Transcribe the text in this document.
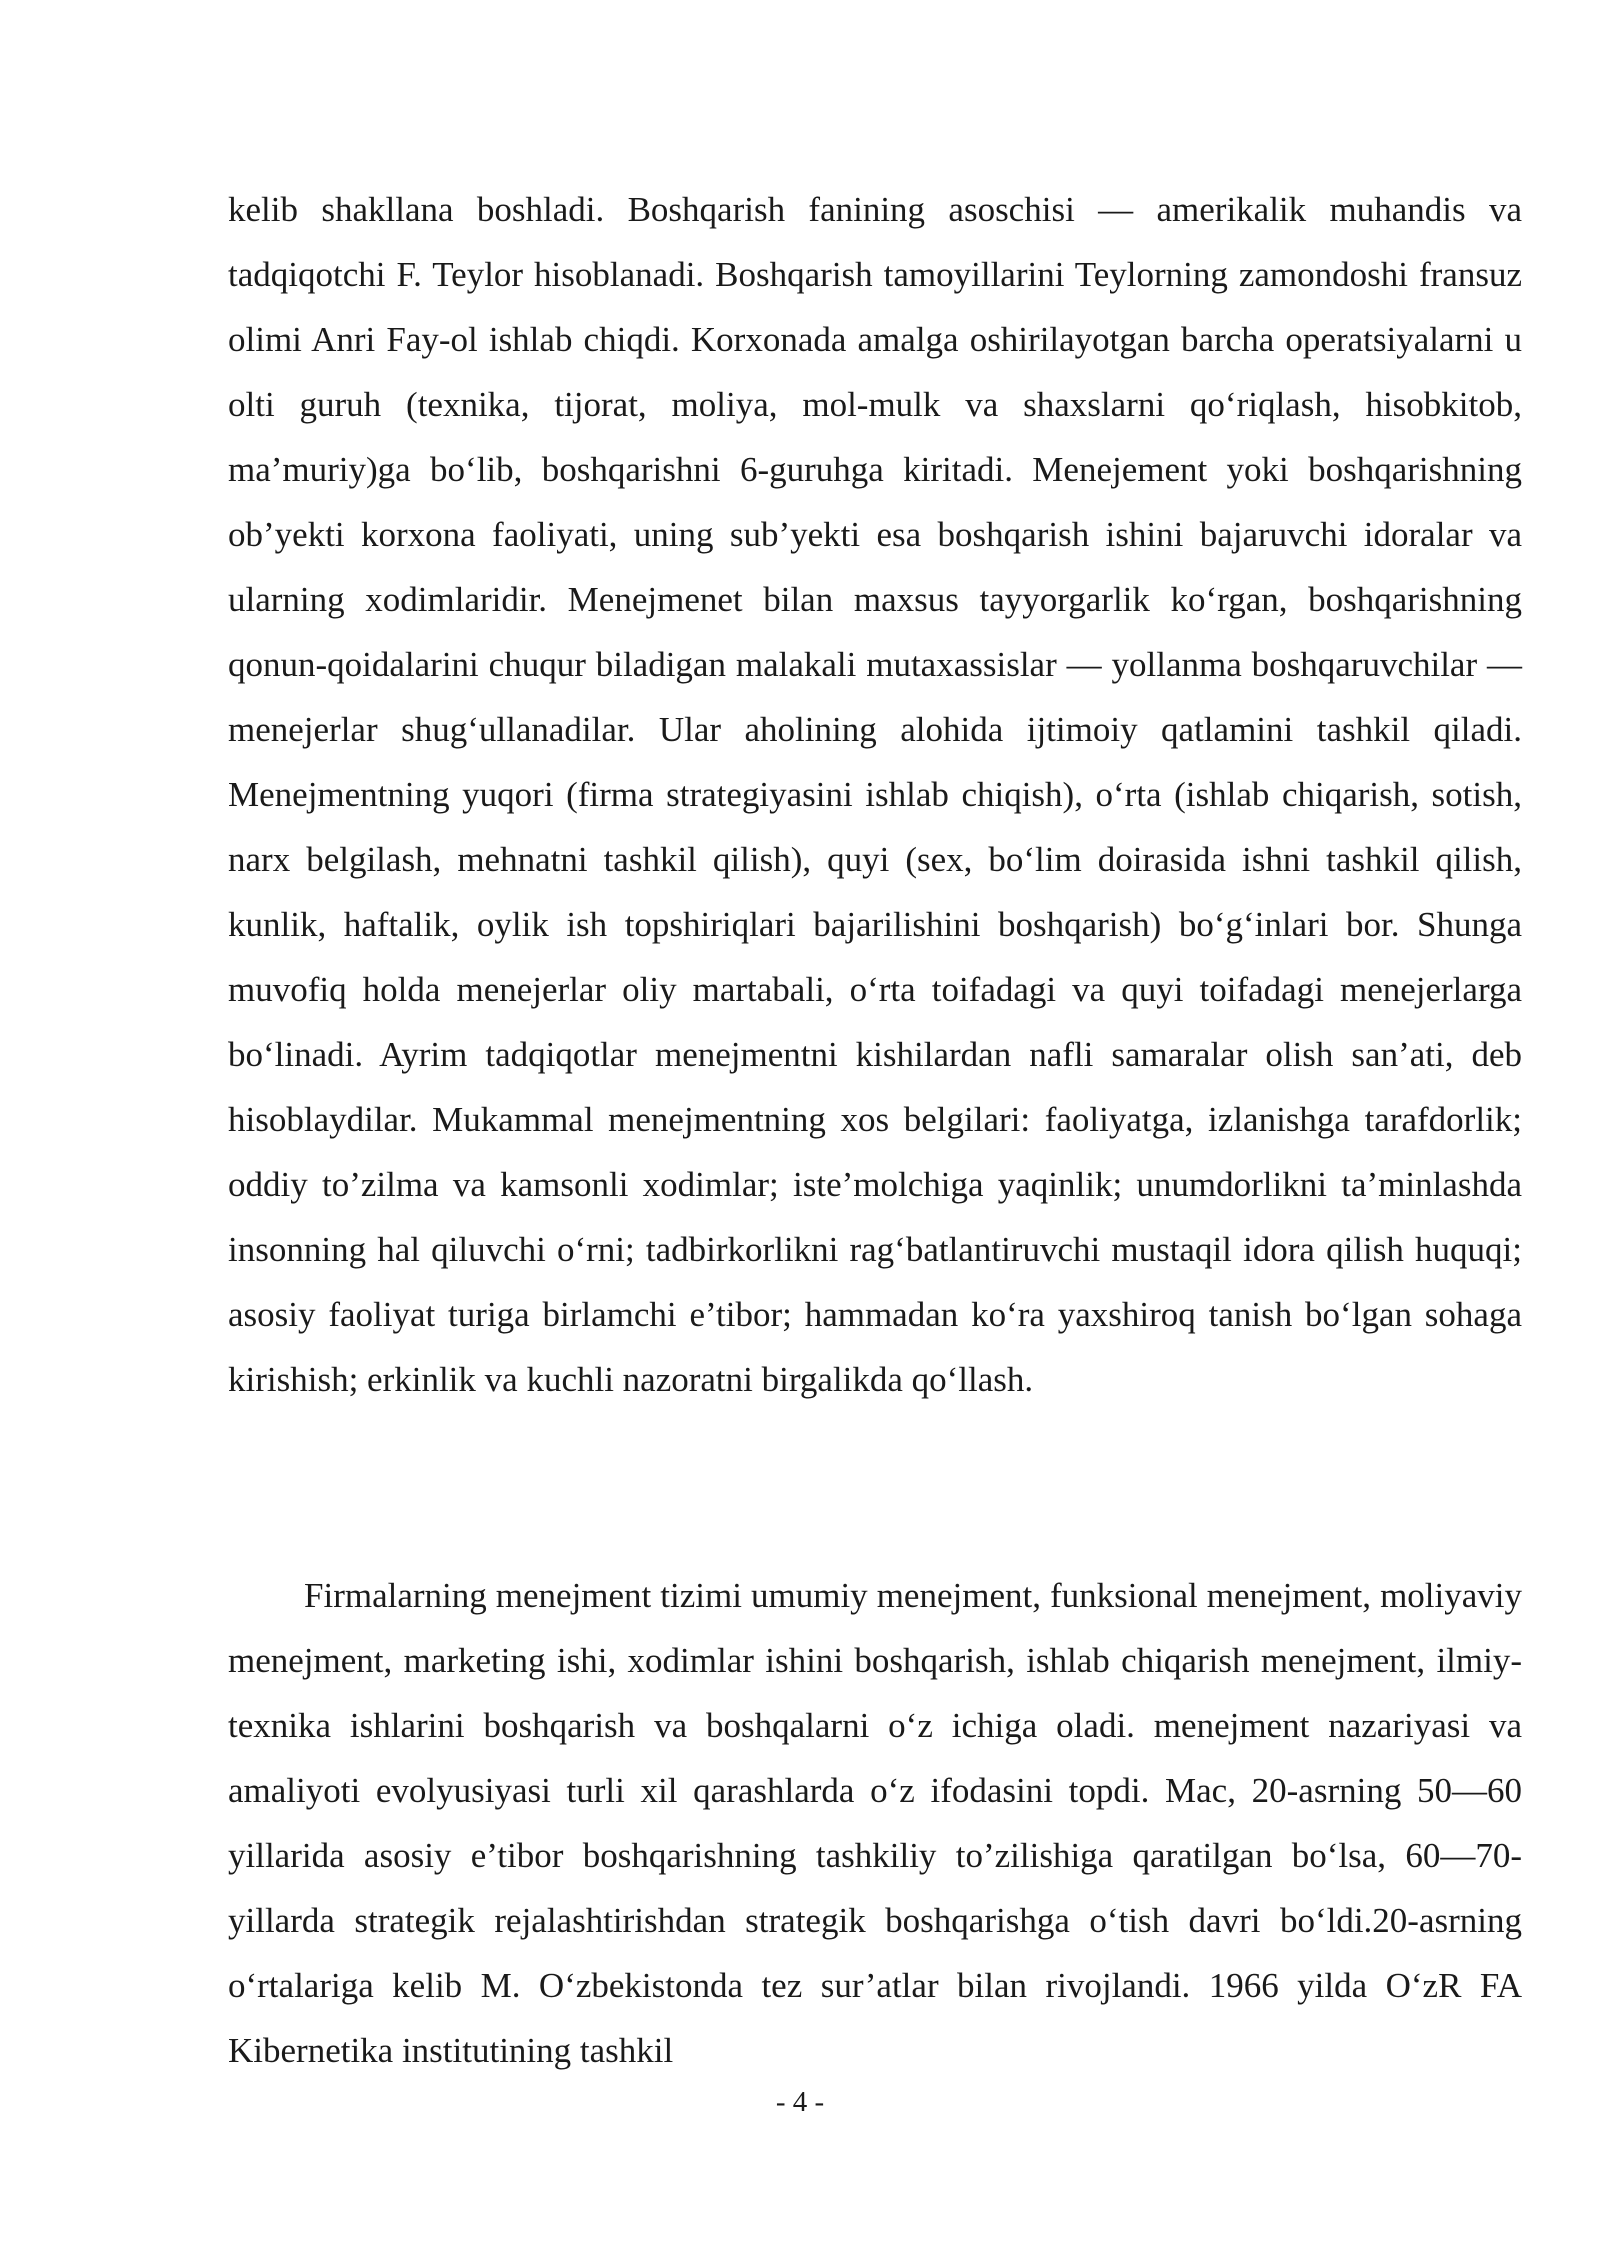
kelib shakllana boshladi. Boshqarish fanining asoschisi — amerikalik muhandis va tadqiqotchi F. Teylor hisoblanadi. Boshqarish tamoyillarini Teylorning zamondoshi fransuz olimi Anri Fay-ol ishlab chiqdi. Korxonada amalga oshirilayotgan barcha operatsiyalarni u olti guruh (texnika, tijorat, moliya, mol-mulk va shaxslarni qo‘riqlash, hisobkitob, ma’muriy)ga bo‘lib, boshqarishni 6-guruhga kiritadi. Menejement yoki boshqarishning ob’yekti korxona faoliyati, uning sub’yekti esa boshqarish ishini bajaruvchi idoralar va ularning xodimlaridir. Menejmenet bilan maxsus tayyorgarlik ko‘rgan, boshqarishning qonun-qoidalarini chuqur biladigan malakali mutaxassislar — yollanma boshqaruvchilar — menejerlar shug‘ullanadilar. Ular aholining alohida ijtimoiy qatlamini tashkil qiladi. Menejmentning yuqori (firma strategiyasini ishlab chiqish), o‘rta (ishlab chiqarish, sotish, narx belgilash, mehnatni tashkil qilish), quyi (sex, bo‘lim doirasida ishni tashkil qilish, kunlik, haftalik, oylik ish topshiriqlari bajarilishini boshqarish) bo‘g‘inlari bor. Shunga muvofiq holda menejerlar oliy martabali, o‘rta toifadagi va quyi toifadagi menejerlarga bo‘linadi. Ayrim tadqiqotlar menejmentni kishilardan nafli samaralar olish san’ati, deb hisoblaydilar. Mukammal menejmentning xos belgilari: faoliyatga, izlanishga tarafdorlik; oddiy to’zilma va kamsonli xodimlar; iste’molchiga yaqinlik; unumdorlikni ta’minlashda insonning hal qiluvchi o‘rni; tadbirkorlikni rag‘batlantiruvchi mustaqil idora qilish huquqi; asosiy faoliyat turiga birlamchi e’tibor; hammadan ko‘ra yaxshiroq tanish bo‘lgan sohaga kirishish; erkinlik va kuchli nazoratni birgalikda qo‘llash.

Firmalarning menejment tizimi umumiy menejment, funksional menejment, moliyaviy menejment, marketing ishi, xodimlar ishini boshqarish, ishlab chiqarish menejment, ilmiy-texnika ishlarini boshqarish va boshqalarni o‘z ichiga oladi. menejment nazariyasi va amaliyoti evolyusiyasi turli xil qarashlarda o‘z ifodasini topdi. Mac, 20-asrning 50—60 yillarida asosiy e’tibor boshqarishning tashkiliy to’zilishiga qaratilgan bo‘lsa, 60—70-yillarda strategik rejalashtirishdan strategik boshqarishga o‘tish davri bo‘ldi.20-asrning o‘rtalariga kelib M. O‘zbekistonda tez sur’atlar bilan rivojlandi. 1966 yilda O‘zR FA Kibernetika institutining tashkil

- 4 -
